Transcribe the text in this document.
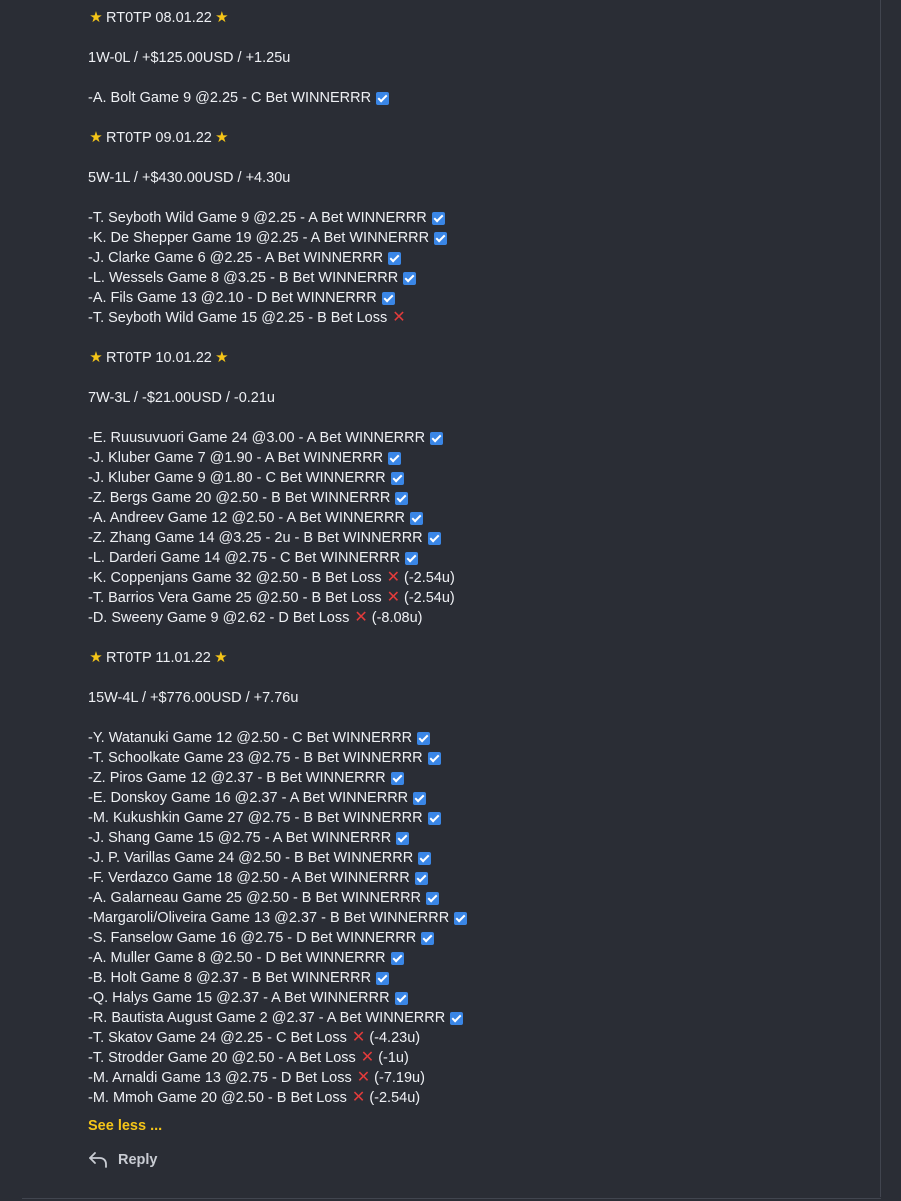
★ RT0TP 08.01.22 ★
1W-0L / +$125.00USD / +1.25u
-A. Bolt Game 9 @2.25 - C Bet WINNERRR
★ RT0TP 09.01.22 ★
5W-1L / +$430.00USD / +4.30u
-T. Seyboth Wild Game 9 @2.25 - A Bet WINNERRR
-K. De Shepper Game 19 @2.25 - A Bet WINNERRR
-J. Clarke Game 6 @2.25 - A Bet WINNERRR
-L. Wessels Game 8 @3.25 - B Bet WINNERRR
-A. Fils Game 13 @2.10 - D Bet WINNERRR
-T. Seyboth Wild Game 15 @2.25 - B Bet Loss ✕
★ RT0TP 10.01.22 ★
7W-3L / -$21.00USD / -0.21u
-E. Ruusuvuori Game 24 @3.00 - A Bet WINNERRR
-J. Kluber Game 7 @1.90 - A Bet WINNERRR
-J. Kluber Game 9 @1.80 - C Bet WINNERRR
-Z. Bergs Game 20 @2.50 - B Bet WINNERRR
-A. Andreev Game 12 @2.50 - A Bet WINNERRR
-Z. Zhang Game 14 @3.25 - 2u - B Bet WINNERRR
-L. Darderi Game 14 @2.75 - C Bet WINNERRR
-K. Coppenjans Game 32 @2.50 - B Bet Loss ✕ (-2.54u)
-T. Barrios Vera Game 25 @2.50 - B Bet Loss ✕ (-2.54u)
-D. Sweeny Game 9 @2.62 - D Bet Loss ✕ (-8.08u)
★ RT0TP 11.01.22 ★
15W-4L / +$776.00USD / +7.76u
-Y. Watanuki Game 12 @2.50 - C Bet WINNERRR
-T. Schoolkate Game 23 @2.75 - B Bet WINNERRR
-Z. Piros Game 12 @2.37 - B Bet WINNERRR
-E. Donskoy Game 16 @2.37 - A Bet WINNERRR
-M. Kukushkin Game 27 @2.75 - B Bet WINNERRR
-J. Shang Game 15 @2.75 - A Bet WINNERRR
-J. P. Varillas Game 24 @2.50 - B Bet WINNERRR
-F. Verdazco Game 18 @2.50 - A Bet WINNERRR
-A. Galarneau Game 25 @2.50 - B Bet WINNERRR
-Margaroli/Oliveira Game 13 @2.37 - B Bet WINNERRR
-S. Fanselow Game 16 @2.75 - D Bet WINNERRR
-A. Muller Game 8 @2.50 - D Bet WINNERRR
-B. Holt Game 8 @2.37 - B Bet WINNERRR
-Q. Halys Game 15 @2.37 - A Bet WINNERRR
-R. Bautista August Game 2 @2.37 - A Bet WINNERRR
-T. Skatov Game 24 @2.25 - C Bet Loss ✕ (-4.23u)
-T. Strodder Game 20 @2.50 - A Bet Loss ✕ (-1u)
-M. Arnaldi Game 13 @2.75 - D Bet Loss ✕ (-7.19u)
-M. Mmoh Game 20 @2.50 - B Bet Loss ✕ (-2.54u)
See less ...
Reply
